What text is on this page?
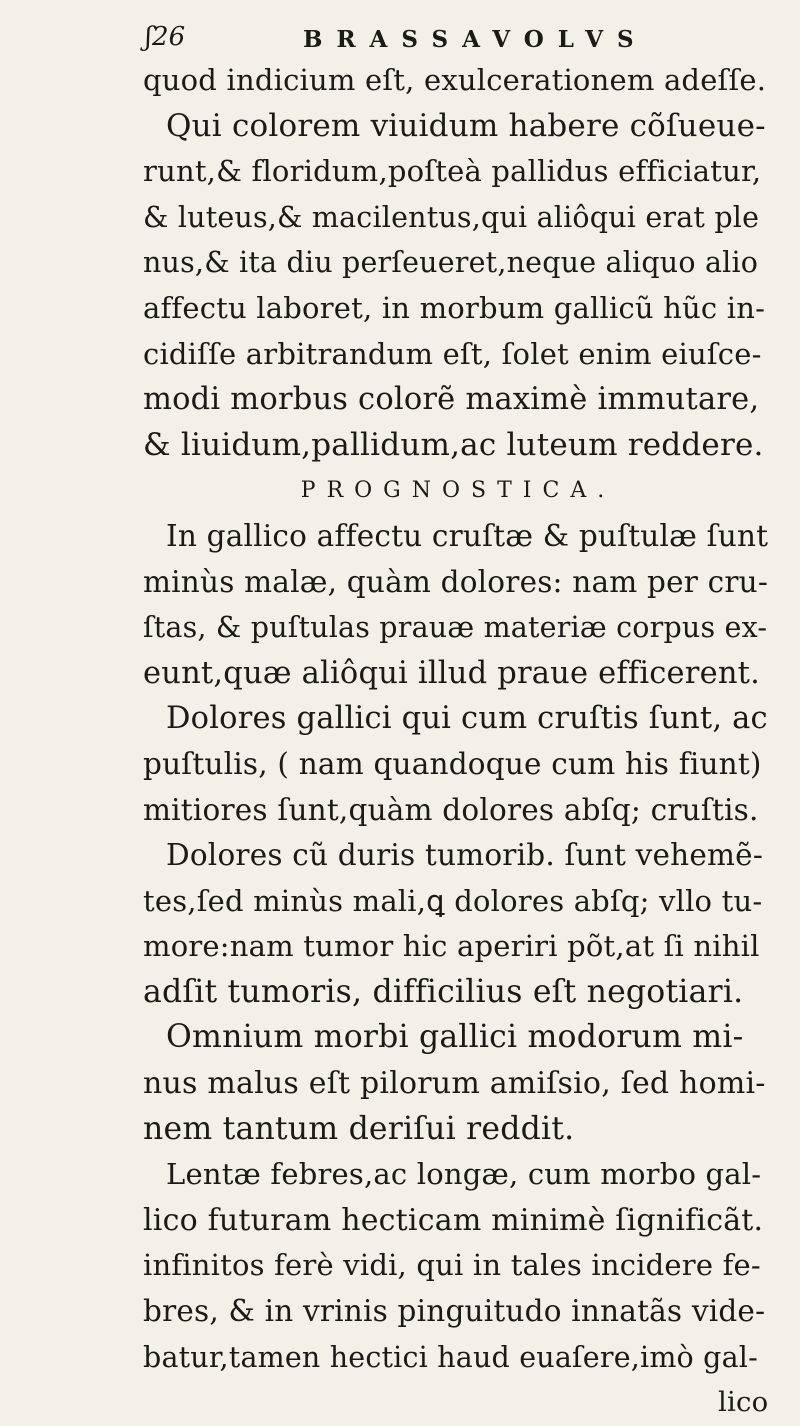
ʃ26	BRASSAVOLVS
quod indicium eſt, exulcerationem adeſſe.
Qui colorem viuidum habere cõſueue-
runt,& floridum,poſteà pallidus efficiatur,
& luteus,& macilentus,qui aliôqui erat ple
nus,& ita diu perſeueret,neque aliquo alio
affectu laboret, in morbum gallicũ hũc in-
cidiſſe arbitrandum eſt, ſolet enim eiuſce-
modi morbus colorẽ maximè immutare,
& liuidum,pallidum,ac luteum reddere.
PROGNOSTICA.
In gallico affectu cruſtæ & puſtulæ ſunt
minùs malæ, quàm dolores: nam per cru-
ſtas, & puſtulas prauæ materiæ corpus ex-
eunt,quæ aliôqui illud praue efficerent.
Dolores gallici qui cum cruſtis ſunt, ac
puſtulis, ( nam quandoque cum his fiunt)
mitiores ſunt,quàm dolores abſq; cruſtis.
Dolores cũ duris tumorib. ſunt vehemẽ-
tes,ſed minùs mali,ꝗ dolores abſq; vllo tu-
more:nam tumor hic aperiri põt,at ſi nihil
adſit tumoris, difficilius eſt negotiari.
Omnium morbi gallici modorum mi-
nus malus eſt pilorum amiſsio, ſed homi-
nem tantum deriſui reddit.
Lentæ febres,ac longæ, cum morbo gal-
lico futuram hecticam minimè ſignificãt.
infinitos ferè vidi, qui in tales incidere fe-
bres, & in vrinis pinguitudo innatãs vide-
batur,tamen hectici haud euaſere,imò gal-
lico
